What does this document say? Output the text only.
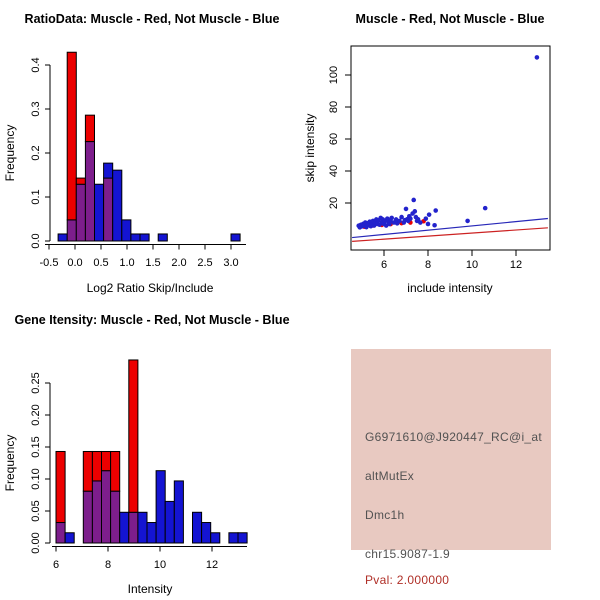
RatioData: Muscle - Red, Not Muscle - Blue
-0.5 0.0 0.5 1.0 1.5 2.0 2.5 3.0
0.0
0.1
0.2
0.3
0.4
Log2 Ratio Skip/Include
Frequency
Muscle - Red, Not Muscle - Blue
6	8	10	12
20
40
60
80
100
include intensity
skip intensity
Gene Itensity: Muscle - Red, Not Muscle - Blue
6	8	10	12
0.00
0.05
0.10
0.15
0.20
0.25
Intensity
Frequency	G6971610@J920447_RC@i_at
altMutEx
Dmc1h
chr15.9087-1.9
Pval: 2.000000
